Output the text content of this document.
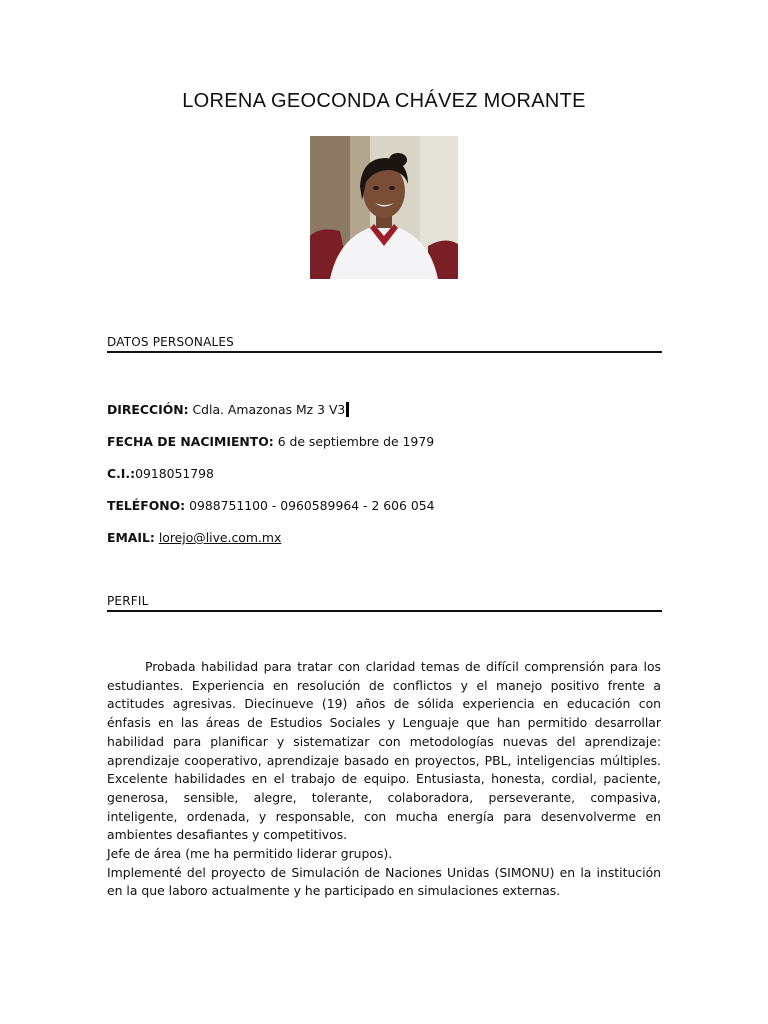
LORENA GEOCONDA CHÁVEZ MORANTE
DATOS PERSONALES
DIRECCIÓN: Cdla. Amazonas Mz 3 V3
FECHA DE NACIMIENTO: 6 de septiembre de 1979
C.I.:0918051798
TELÉFONO: 0988751100 - 0960589964 - 2 606 054
EMAIL: lorejo@live.com.mx
PERFIL

Probada habilidad para tratar con claridad temas de difícil comprensión para los estudiantes. Experiencia en resolución de conflictos y el manejo positivo frente a actitudes agresivas. Diecinueve (19) años de sólida experiencia en educación con énfasis en las áreas de Estudios Sociales y Lenguaje que han permitido desarrollar habilidad para planificar y sistematizar con metodologías nuevas del aprendizaje: aprendizaje cooperativo, aprendizaje basado en proyectos, PBL, inteligencias múltiples. Excelente habilidades en el trabajo de equipo. Entusiasta, honesta, cordial, paciente, generosa, sensible, alegre, tolerante, colaboradora, perseverante, compasiva, inteligente, ordenada, y responsable, con mucha energía para desenvolverme en ambientes desafiantes y competitivos.

Jefe de área (me ha permitido liderar grupos).

Implementé del proyecto de Simulación de Naciones Unidas (SIMONU) en la institución en la que laboro actualmente y he participado en simulaciones externas.
